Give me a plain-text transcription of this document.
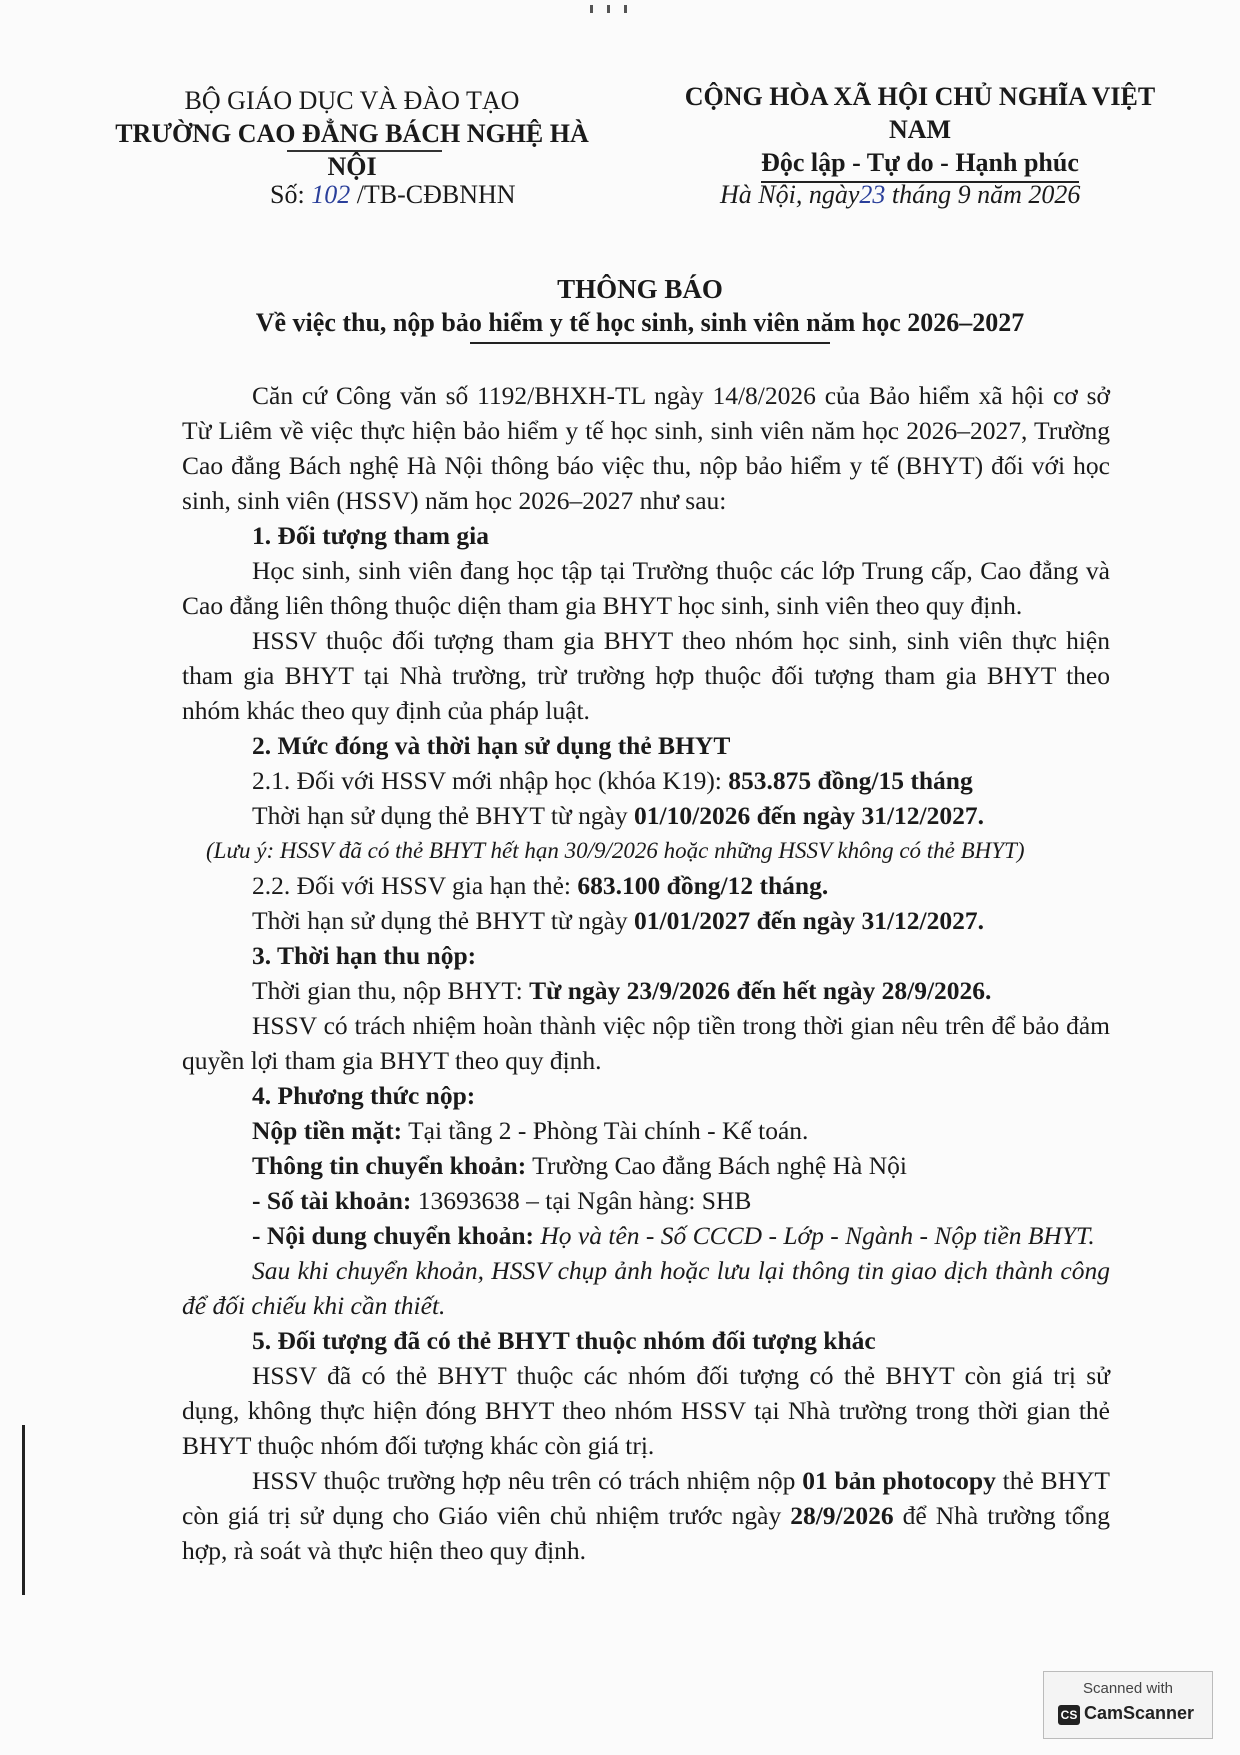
BỘ GIÁO DỤC VÀ ĐÀO TẠO
TRƯỜNG CAO ĐẲNG BÁCH NGHỆ HÀ NỘI
CỘNG HÒA XÃ HỘI CHỦ NGHĨA VIỆT NAM
Độc lập - Tự do - Hạnh phúc
Số: 102 /TB-CĐBNHN	Hà Nội, ngày23 tháng 9 năm 2026
THÔNG BÁO
Về việc thu, nộp bảo hiểm y tế học sinh, sinh viên năm học 2026–2027

Căn cứ Công văn số 1192/BHXH-TL ngày 14/8/2026 của Bảo hiểm xã hội cơ sở Từ Liêm về việc thực hiện bảo hiểm y tế học sinh, sinh viên năm học 2026–2027, Trường Cao đẳng Bách nghệ Hà Nội thông báo việc thu, nộp bảo hiểm y tế (BHYT) đối với học sinh, sinh viên (HSSV) năm học 2026–2027 như sau:

1. Đối tượng tham gia

Học sinh, sinh viên đang học tập tại Trường thuộc các lớp Trung cấp, Cao đẳng và Cao đẳng liên thông thuộc diện tham gia BHYT học sinh, sinh viên theo quy định.

HSSV thuộc đối tượng tham gia BHYT theo nhóm học sinh, sinh viên thực hiện tham gia BHYT tại Nhà trường, trừ trường hợp thuộc đối tượng tham gia BHYT theo nhóm khác theo quy định của pháp luật.

2. Mức đóng và thời hạn sử dụng thẻ BHYT

2.1. Đối với HSSV mới nhập học (khóa K19): 853.875 đồng/15 tháng

Thời hạn sử dụng thẻ BHYT từ ngày 01/10/2026 đến ngày 31/12/2027.

(Lưu ý: HSSV đã có thẻ BHYT hết hạn 30/9/2026 hoặc những HSSV không có thẻ BHYT)

2.2. Đối với HSSV gia hạn thẻ: 683.100 đồng/12 tháng.

Thời hạn sử dụng thẻ BHYT từ ngày 01/01/2027 đến ngày 31/12/2027.

3. Thời hạn thu nộp:

Thời gian thu, nộp BHYT: Từ ngày 23/9/2026 đến hết ngày 28/9/2026.

HSSV có trách nhiệm hoàn thành việc nộp tiền trong thời gian nêu trên để bảo đảm quyền lợi tham gia BHYT theo quy định.

4. Phương thức nộp:

Nộp tiền mặt: Tại tầng 2 - Phòng Tài chính - Kế toán.

Thông tin chuyển khoản: Trường Cao đẳng Bách nghệ Hà Nội

- Số tài khoản: 13693638 – tại Ngân hàng: SHB

- Nội dung chuyển khoản: Họ và tên - Số CCCD - Lớp - Ngành - Nộp tiền BHYT.

Sau khi chuyển khoản, HSSV chụp ảnh hoặc lưu lại thông tin giao dịch thành công để đối chiếu khi cần thiết.

5. Đối tượng đã có thẻ BHYT thuộc nhóm đối tượng khác

HSSV đã có thẻ BHYT thuộc các nhóm đối tượng có thẻ BHYT còn giá trị sử dụng, không thực hiện đóng BHYT theo nhóm HSSV tại Nhà trường trong thời gian thẻ BHYT thuộc nhóm đối tượng khác còn giá trị.

HSSV thuộc trường hợp nêu trên có trách nhiệm nộp 01 bản photocopy thẻ BHYT còn giá trị sử dụng cho Giáo viên chủ nhiệm trước ngày 28/9/2026 để Nhà trường tổng hợp, rà soát và thực hiện theo quy định.

Scanned with
CS CamScanner
